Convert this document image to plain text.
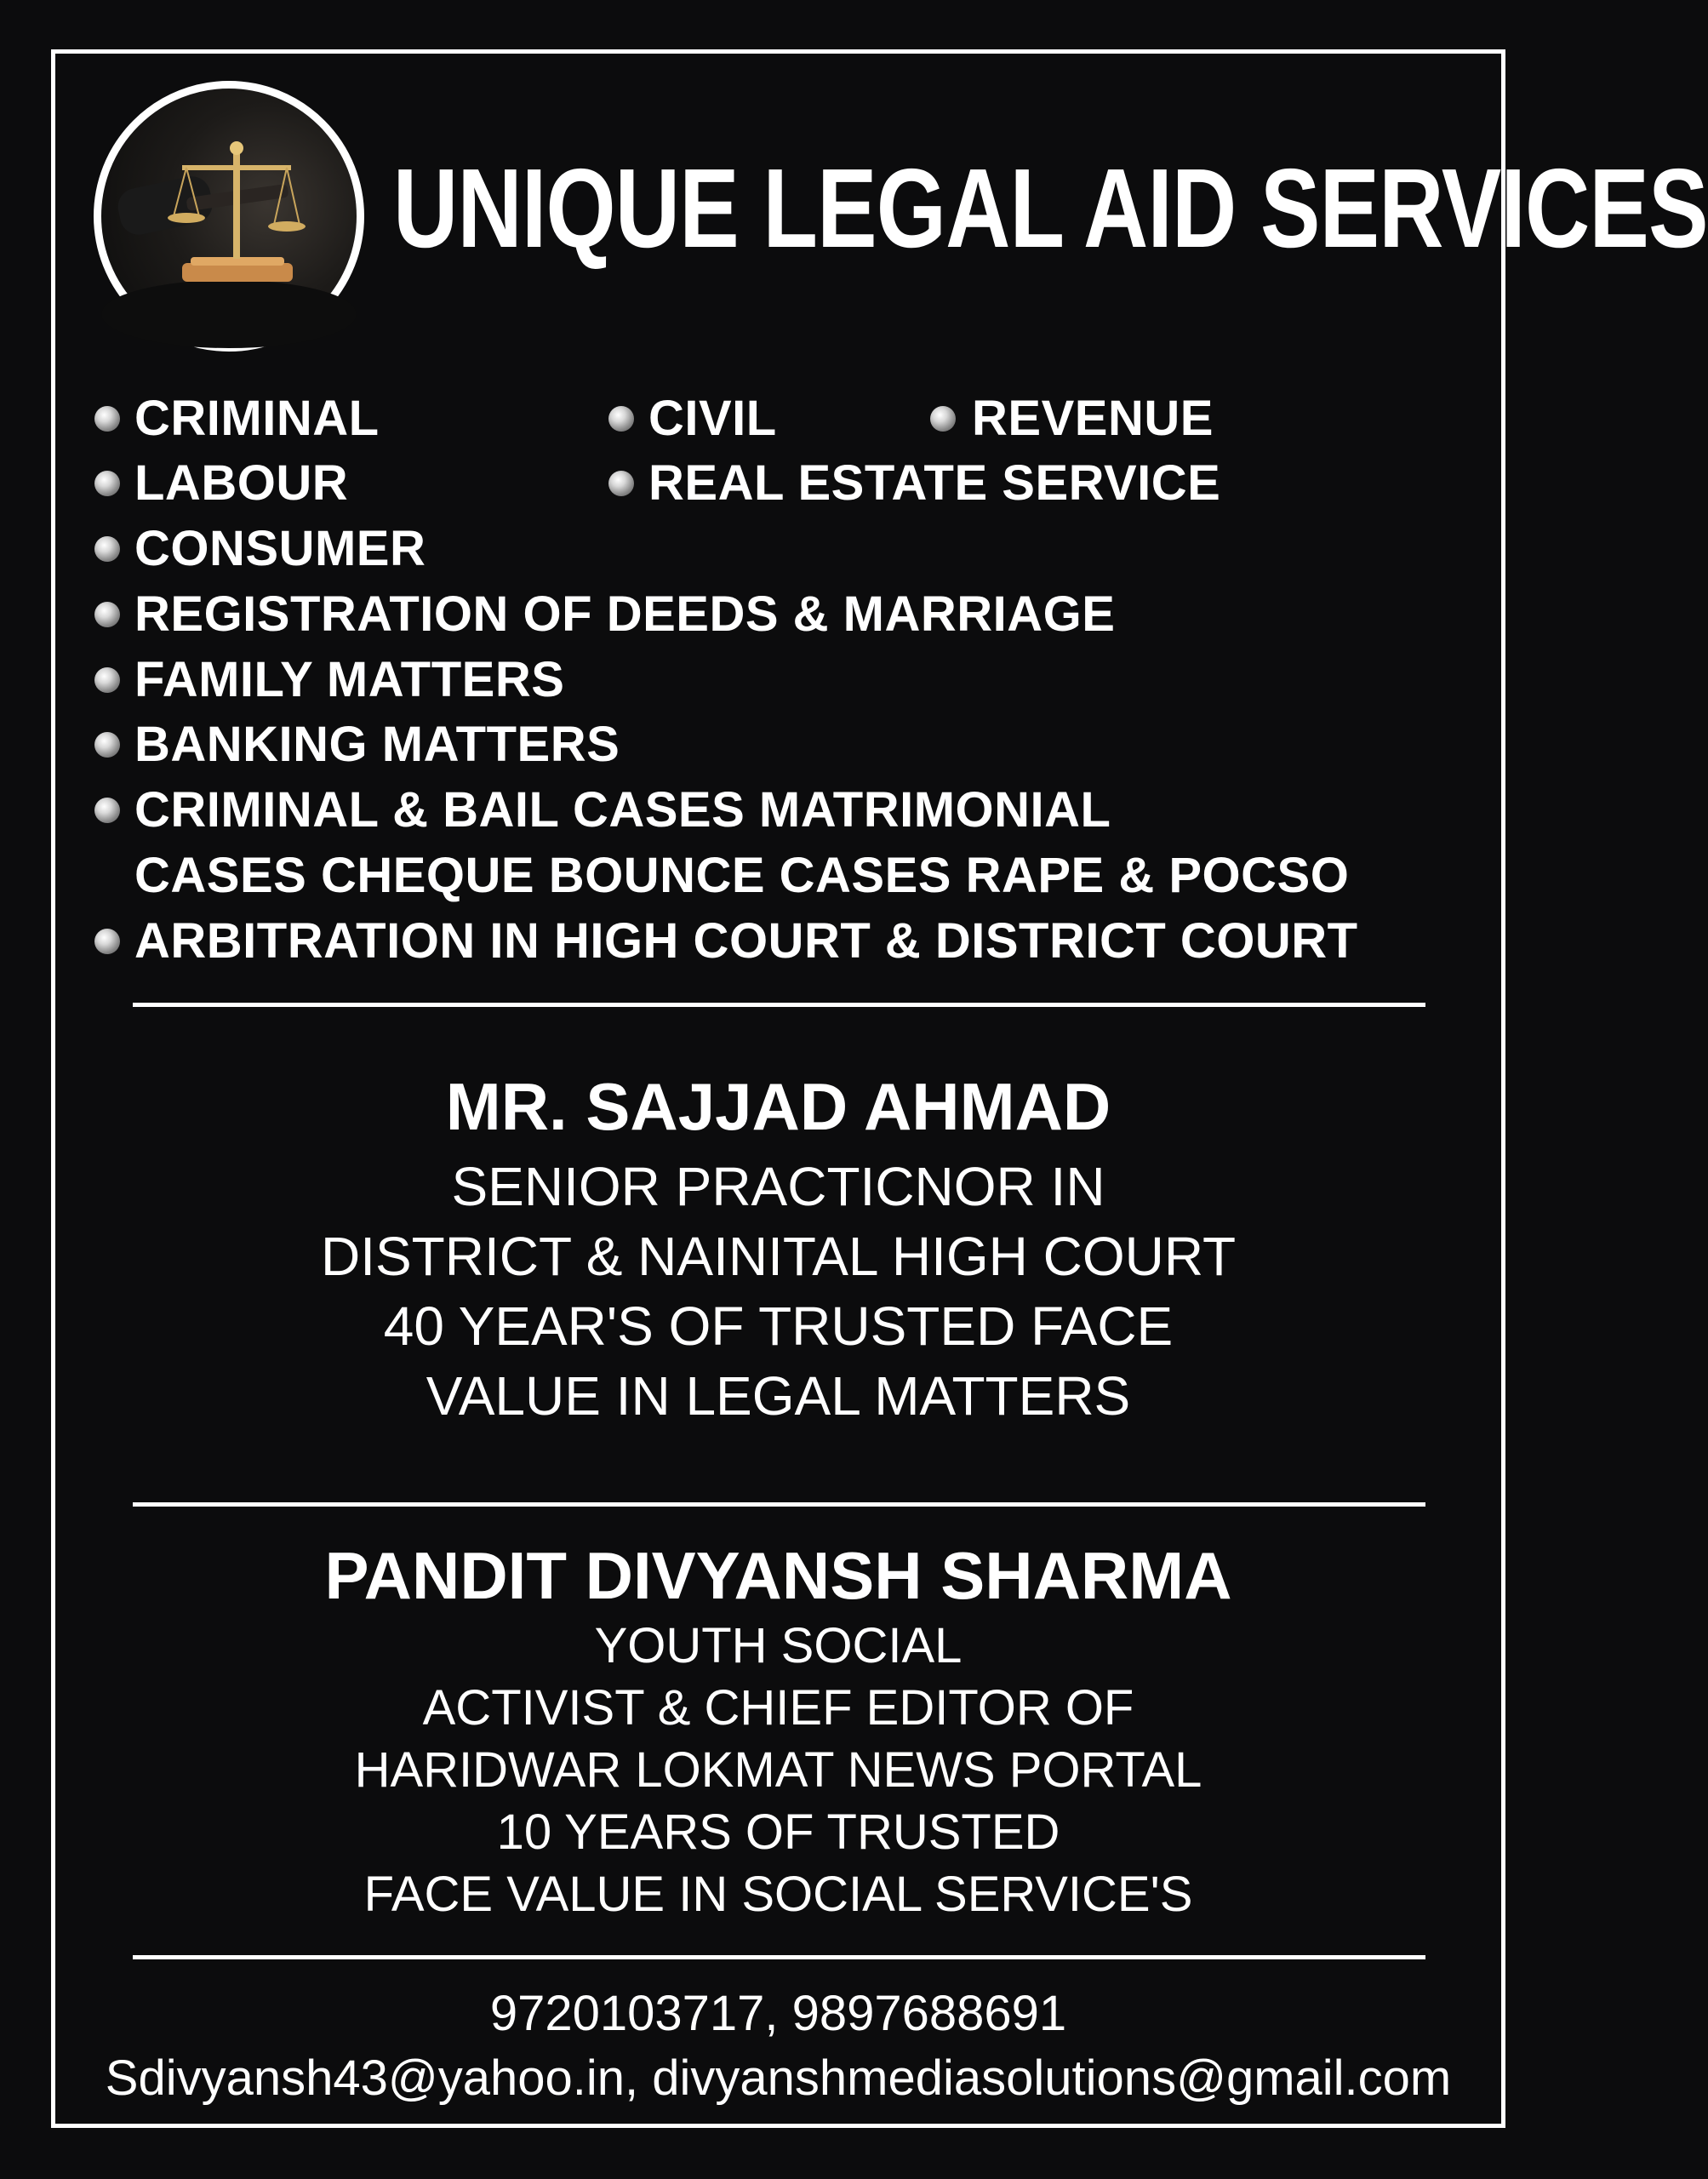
UNIQUE LEGAL AID SERVICES
CRIMINAL	CIVIL	REVENUE
LABOUR	REAL ESTATE SERVICE
CONSUMER
REGISTRATION OF DEEDS & MARRIAGE
FAMILY MATTERS
BANKING MATTERS
CRIMINAL & BAIL CASES MATRIMONIAL
CASES CHEQUE BOUNCE CASES RAPE & POCSO
ARBITRATION IN HIGH COURT & DISTRICT COURT
MR. SAJJAD AHMAD
SENIOR PRACTICNOR IN
DISTRICT & NAINITAL HIGH COURT
40 YEAR'S OF TRUSTED FACE
VALUE IN LEGAL MATTERS
PANDIT DIVYANSH SHARMA
YOUTH SOCIAL
ACTIVIST & CHIEF EDITOR OF
HARIDWAR LOKMAT NEWS PORTAL
10 YEARS OF TRUSTED
FACE VALUE IN SOCIAL SERVICE'S
9720103717, 9897688691
Sdivyansh43@yahoo.in, divyanshmediasolutions@gmail.com
